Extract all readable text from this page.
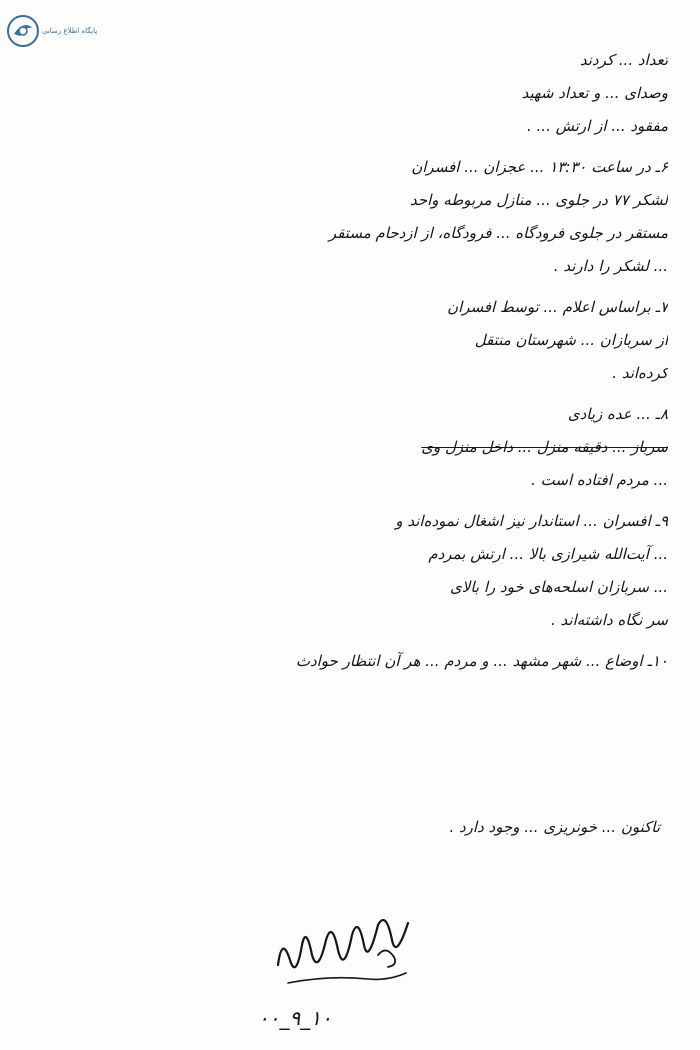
پایگاه اطلاع رسانی
تعداد ... کردند
وصدای ... و تعداد شهید
مفقود ... از ارتش ... .
۶ـ در ساعت ۱۳:۳۰ ... عجزان ... افسران
لشکر ۷۷ در جلوی ... منازل مربوطه واحد
مستقر در جلوی فرودگاه ... فرودگاه، از ازدحام مستقر
... لشکر را دارند .
۷ـ براساس اعلام ... توسط افسران
از سربازان ... شهرستان منتقل
کرده‌اند .
۸ـ ... عده زیادی
سرباز ... دقیقه منزل ... داخل منزل وی
... مردم افتاده است .
۹ـ افسران ... استاندار نیز اشغال نموده‌اند و
... آیت‌الله شیرازی بالا ... ارتش بمردم
... سربازان اسلحه‌های خود را بالای
سر نگاه داشته‌اند .
۱۰ـ اوضاع ... شهر مشهد ... و مردم ... هر آن انتظار حوادث
تاکنون ... خونریزی ... وجود دارد .
۰۰_۹_۱۰
